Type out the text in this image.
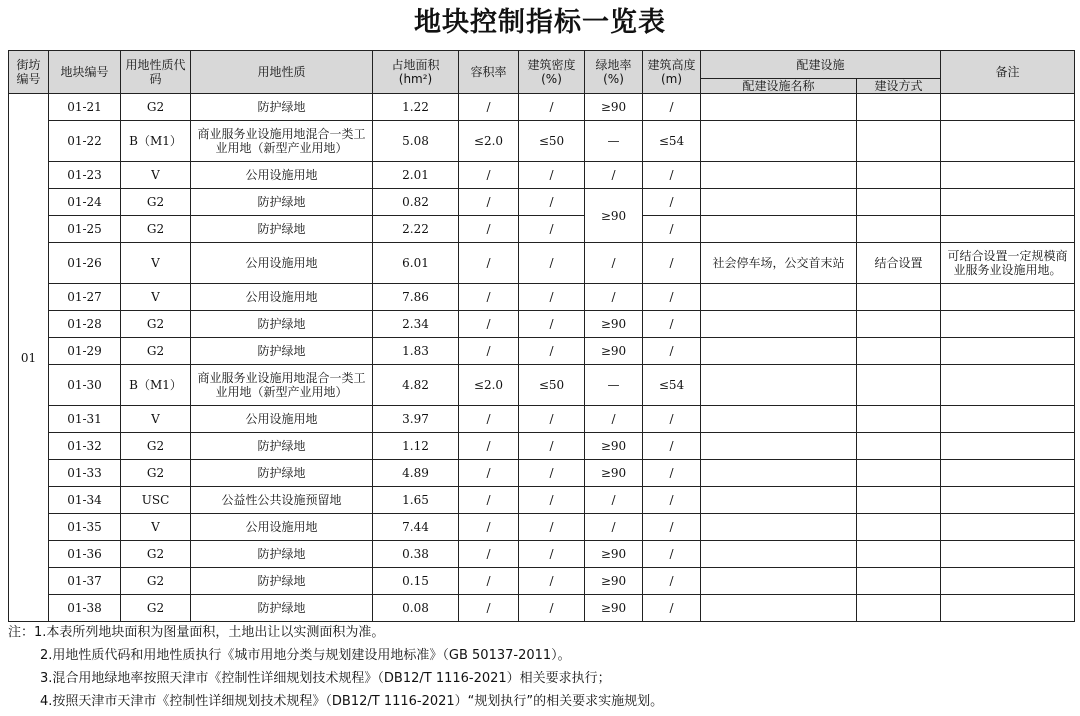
地块控制指标一览表
街坊编号	地块编号	用地性质代码	用地性质	占地面积(hm²)	容积率	建筑密度(%)	绿地率(%)	建筑高度(m)	配建设施		备注
									配建设施名称	建设方式	
01	01-21	G2	防护绿地	1.22	/	/	≥90	/			
	01-22	B（M1）	商业服务业设施用地混合一类工业用地（新型产业用地）	5.08	≤2.0	≤50	—	≤54			
	01-23	V	公用设施用地	2.01	/	/	/	/			
	01-24	G2	防护绿地	0.82	/	/	≥90	/			
	01-25	G2	防护绿地	2.22	/	/		/			
	01-26	V	公用设施用地	6.01	/	/	/	/	社会停车场，公交首末站	结合设置	可结合设置一定规模商业服务业设施用地。
	01-27	V	公用设施用地	7.86	/	/	/	/			
	01-28	G2	防护绿地	2.34	/	/	≥90	/			
	01-29	G2	防护绿地	1.83	/	/	≥90	/			
	01-30	B（M1）	商业服务业设施用地混合一类工业用地（新型产业用地）	4.82	≤2.0	≤50	—	≤54			
	01-31	V	公用设施用地	3.97	/	/	/	/			
	01-32	G2	防护绿地	1.12	/	/	≥90	/			
	01-33	G2	防护绿地	4.89	/	/	≥90	/			
	01-34	USC	公益性公共设施预留地	1.65	/	/	/	/			
	01-35	V	公用设施用地	7.44	/	/	/	/			
	01-36	G2	防护绿地	0.38	/	/	≥90	/			
	01-37	G2	防护绿地	0.15	/	/	≥90	/			
	01-38	G2	防护绿地	0.08	/	/	≥90	/			
注：1.本表所列地块面积为图量面积，土地出让以实测面积为准。
2.用地性质代码和用地性质执行《城市用地分类与规划建设用地标准》（GB 50137-2011）。
3.混合用地绿地率按照天津市《控制性详细规划技术规程》（DB12/T 1116-2021）相关要求执行；
4.按照天津市天津市《控制性详细规划技术规程》（DB12/T 1116-2021）“规划执行”的相关要求实施规划。
